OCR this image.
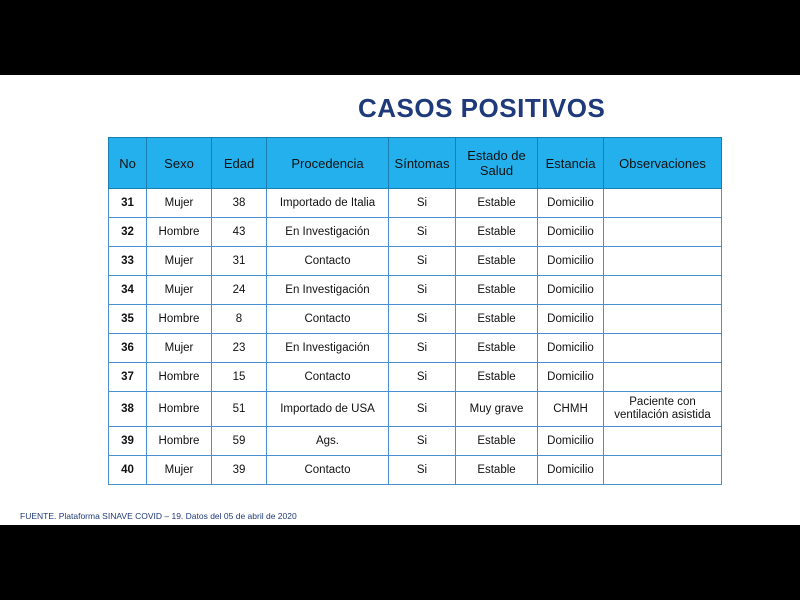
CASOS POSITIVOS
No	Sexo	Edad	Procedencia	Síntomas	Estado de
Salud	Estancia	Observaciones
31	Mujer	38	Importado de Italia	Si	Estable	Domicilio	
32	Hombre	43	En Investigación	Si	Estable	Domicilio	
33	Mujer	31	Contacto	Si	Estable	Domicilio	
34	Mujer	24	En Investigación	Si	Estable	Domicilio	
35	Hombre	8	Contacto	Si	Estable	Domicilio	
36	Mujer	23	En Investigación	Si	Estable	Domicilio	
37	Hombre	15	Contacto	Si	Estable	Domicilio	
38	Hombre	51	Importado de USA	Si	Muy grave	CHMH	Paciente con
ventilación asistida
39	Hombre	59	Ags.	Si	Estable	Domicilio	
40	Mujer	39	Contacto	Si	Estable	Domicilio	
FUENTE. Plataforma SINAVE COVID – 19. Datos del 05 de abril de 2020
